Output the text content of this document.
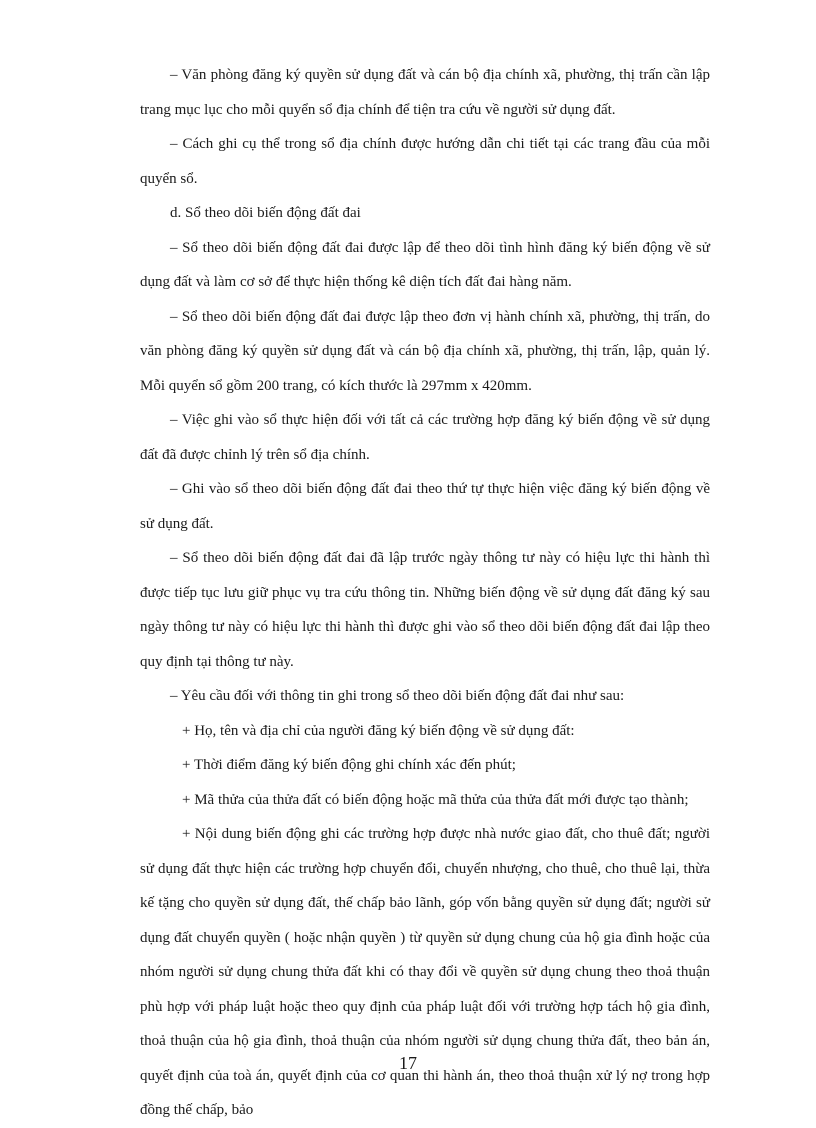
– Văn phòng đăng ký quyền sử dụng đất và cán bộ địa chính xã, phường, thị trấn cần lập trang mục lục cho mỗi quyển sổ địa chính để tiện tra cứu về người sử dụng đất.

– Cách ghi cụ thể trong sổ địa chính được hướng dẫn chi tiết tại các trang đầu của mỗi quyển sổ.

d. Sổ theo dõi biến động đất đai

– Sổ theo dõi biến động đất đai được lập để theo dõi tình hình đăng ký biến động về sử dụng đất và làm cơ sở để thực hiện thống kê diện tích đất đai hàng năm.

– Sổ theo dõi biến động đất đai được lập theo đơn vị hành chính xã, phường, thị trấn, do văn phòng đăng ký quyền sử dụng đất và cán bộ địa chính xã, phường, thị trấn, lập, quản lý. Mỗi quyển sổ gồm 200 trang, có kích thước là 297mm x 420mm.

– Việc ghi vào sổ thực hiện đối với tất cả các trường hợp đăng ký biến động về sử dụng đất đã được chỉnh lý trên sổ địa chính.

– Ghi vào sổ theo dõi biến động đất đai theo thứ tự thực hiện việc đăng ký biến động về sử dụng đất.

– Sổ theo dõi biến động đất đai đã lập trước ngày thông tư này có hiệu lực thi hành thì được tiếp tục lưu giữ phục vụ tra cứu thông tin. Những biến động về sử dụng đất đăng ký sau ngày thông tư này có hiệu lực thi hành thì được ghi vào sổ theo dõi biến động đất đai lập theo quy định tại thông tư này.

– Yêu cầu đối với thông tin ghi trong sổ theo dõi biến động đất đai như sau:

+ Họ, tên và địa chỉ của người đăng ký biến động về sử dụng đất:

+ Thời điểm đăng ký biến động ghi chính xác đến phút;

+ Mã thửa của thửa đất có biến động hoặc mã thửa của thửa đất mới được tạo thành;

+ Nội dung biến động ghi các trường hợp được nhà nước giao đất, cho thuê đất; người sử dụng đất thực hiện các trường hợp chuyển đổi, chuyển nhượng, cho thuê, cho thuê lại, thừa kế tặng cho quyền sử dụng đất, thế chấp bảo lãnh, góp vốn bằng quyền sử dụng đất; người sử dụng đất chuyển quyền ( hoặc nhận quyền ) từ quyền sử dụng chung của hộ gia đình hoặc của nhóm người sử dụng chung thửa đất khi có thay đổi về quyền sử dụng chung theo thoả thuận phù hợp với pháp luật hoặc theo quy định của pháp luật đối với trường hợp tách hộ gia đình, thoả thuận của hộ gia đình, thoả thuận của nhóm người sử dụng chung thửa đất, theo bản án, quyết định của toà án, quyết định của cơ quan thi hành án, theo thoả thuận xử lý nợ trong hợp đồng thế chấp, bảo

17
